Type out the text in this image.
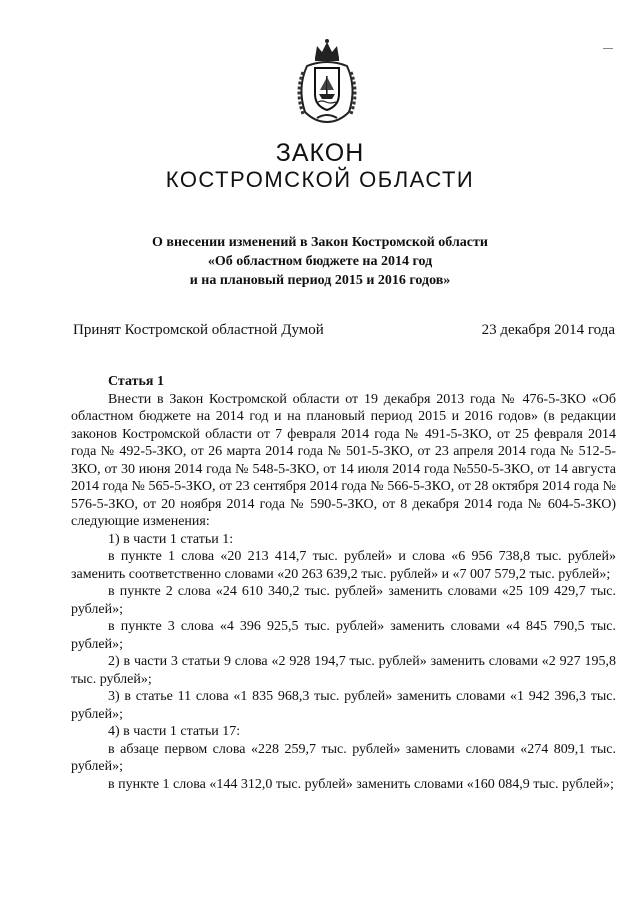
—
ЗАКОН
КОСТРОМСКОЙ ОБЛАСТИ
О внесении изменений в Закон Костромской области
«Об областном бюджете на 2014 год
и на плановый период 2015 и 2016 годов»
Принят Костромской областной Думой	23 декабря 2014 года

Статья 1

Внести в Закон Костромской области от 19 декабря 2013 года № 476-5-ЗКО «Об областном бюджете на 2014 год и на плановый период 2015 и 2016 годов» (в редакции законов Костромской области от 7 февраля 2014 года № 491-5-ЗКО, от 25 февраля 2014 года № 492-5-ЗКО, от 26 марта 2014 года № 501-5-ЗКО, от 23 апреля 2014 года № 512-5-ЗКО, от 30 июня 2014 года № 548-5-ЗКО, от 14 июля 2014 года №550-5-ЗКО, от 14 августа 2014 года № 565-5-ЗКО, от 23 сентября 2014 года № 566-5-ЗКО, от 28 октября 2014 года № 576-5-ЗКО, от 20 ноября 2014 года № 590-5-ЗКО, от 8 декабря 2014 года № 604-5-ЗКО) следующие изменения:

1) в части 1 статьи 1:

в пункте 1 слова «20 213 414,7 тыс. рублей» и слова «6 956 738,8 тыс. рублей» заменить соответственно словами «20 263 639,2 тыс. рублей» и «7 007 579,2 тыс. рублей»;

в пункте 2 слова «24 610 340,2 тыс. рублей» заменить словами «25 109 429,7 тыс. рублей»;

в пункте 3 слова «4 396 925,5 тыс. рублей» заменить словами «4 845 790,5 тыс. рублей»;

2) в части 3 статьи 9 слова «2 928 194,7 тыс. рублей» заменить словами «2 927 195,8 тыс. рублей»;

3) в статье 11 слова «1 835 968,3 тыс. рублей» заменить словами «1 942 396,3 тыс. рублей»;

4) в части 1 статьи 17:

в абзаце первом слова «228 259,7 тыс. рублей» заменить словами «274 809,1 тыс. рублей»;

в пункте 1 слова «144 312,0 тыс. рублей» заменить словами «160 084,9 тыс. рублей»;
